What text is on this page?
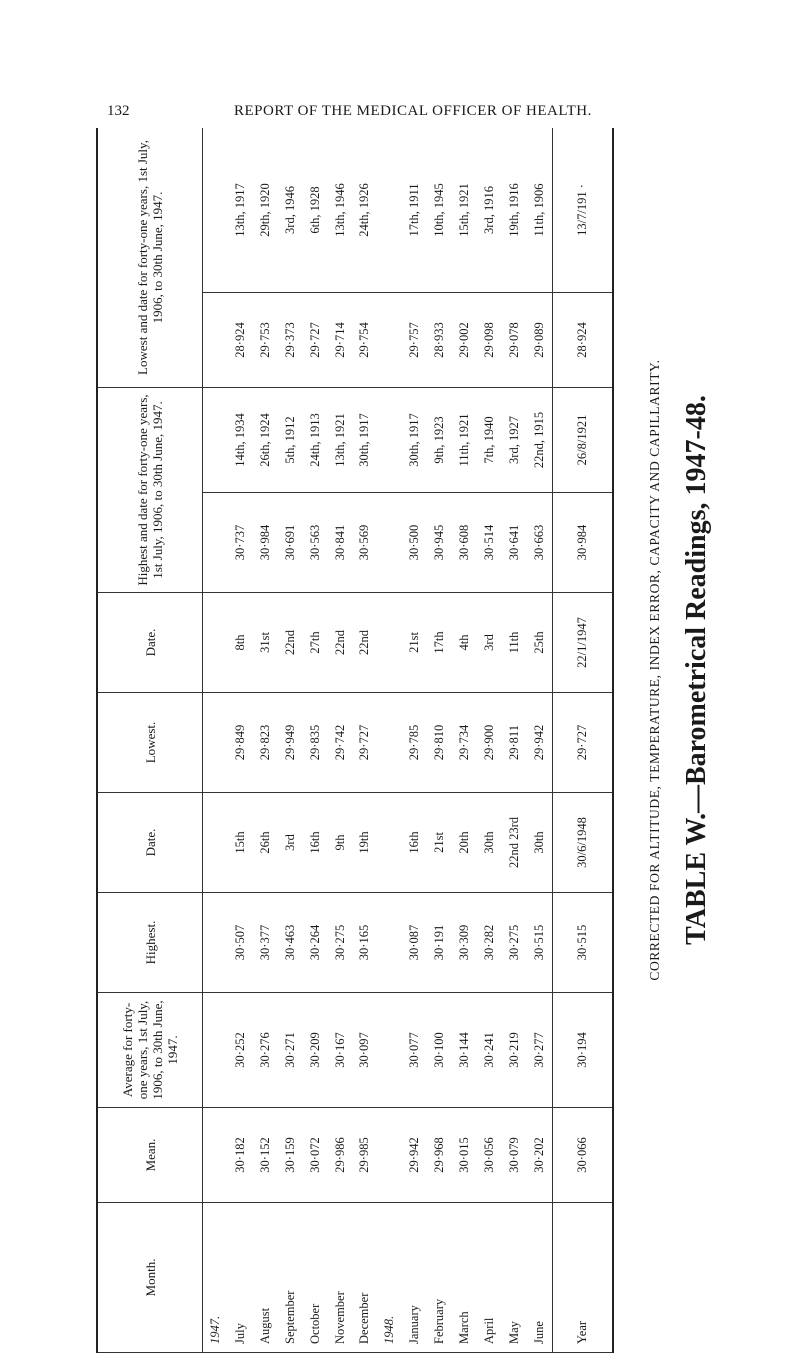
132	REPORT OF THE MEDICAL OFFICER OF HEALTH.
TABLE W.—Barometrical Readings, 1947-48.
CORRECTED FOR ALTITUDE, TEMPERATURE, INDEX ERROR, CAPACITY AND CAPILLARITY.
Month.	Mean.	Average for forty-one years, 1st July, 1906, to 30th June, 1947.	Highest.	Date.	Lowest.	Date.	Highest and date for forty-one years, 1st July, 1906, to 30th June, 1947.		Lowest and date for forty-one years, 1st July, 1906, to 30th June, 1947.	
1947.										
July	30·182	30·252	30·507	15th	29·849	8th	30·737	14th, 1934	28·924	13th, 1917
August	30·152	30·276	30·377	26th	29·823	31st	30·984	26th, 1924	29·753	29th, 1920
September	30·159	30·271	30·463	3rd	29·949	22nd	30·691	5th, 1912	29·373	3rd, 1946
October	30·072	30·209	30·264	16th	29·835	27th	30·563	24th, 1913	29·727	6th, 1928
November	29·986	30·167	30·275	9th	29·742	22nd	30·841	13th, 1921	29·714	13th, 1946
December	29·985	30·097	30·165	19th	29·727	22nd	30·569	30th, 1917	29·754	24th, 1926
1948.										
January	29·942	30·077	30·087	16th	29·785	21st	30·500	30th, 1917	29·757	17th, 1911
February	29·968	30·100	30·191	21st	29·810	17th	30·945	9th, 1923	28·933	10th, 1945
March	30·015	30·144	30·309	20th	29·734	4th	30·608	11th, 1921	29·002	15th, 1921
April	30·056	30·241	30·282	30th	29·900	3rd	30·514	7th, 1940	29·098	3rd, 1916
May	30·079	30·219	30·275	22nd 23rd	29·811	11th	30·641	3rd, 1927	29·078	19th, 1916
June	30·202	30·277	30·515	30th	29·942	25th	30·663	22nd, 1915	29·089	11th, 1906
Year	30·066	30·194	30·515	30/6/1948	29·727	22/1/1947	30·984	26/8/1921	28·924	13/7/191 ·
